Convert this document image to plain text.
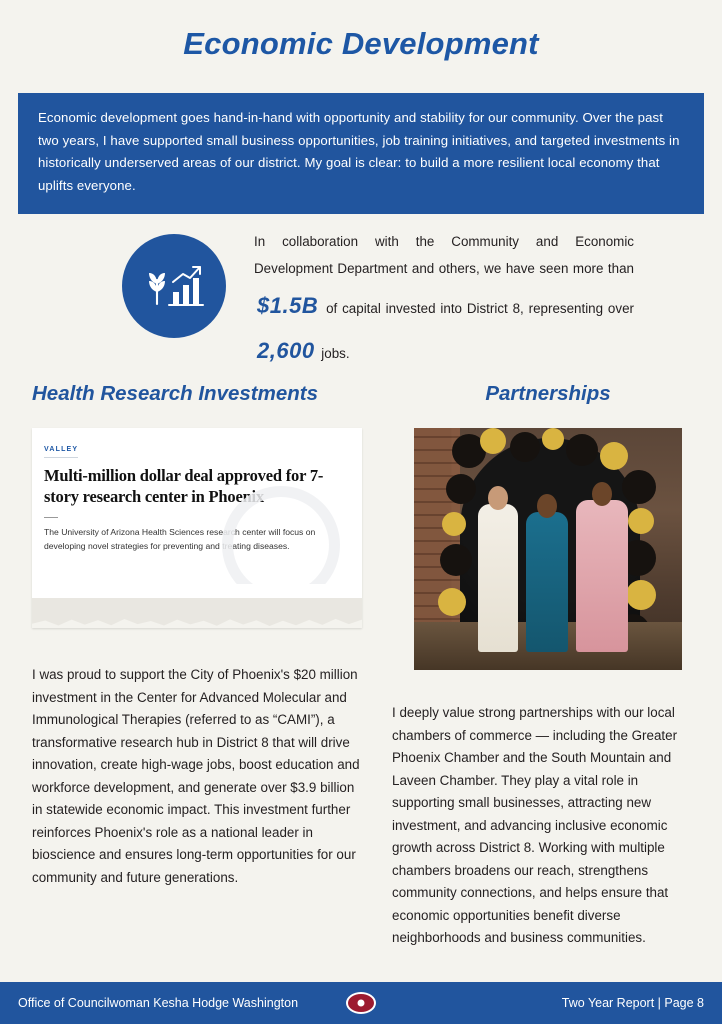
Economic Development

Economic development goes hand-in-hand with opportunity and stability for our community. Over the past two years, I have supported small business opportunities, job training initiatives, and targeted investments in historically underserved areas of our district. My goal is clear: to build a more resilient local economy that uplifts everyone.

In collaboration with the Community and Economic Development Department and others, we have seen more than $1.5B of capital invested into District 8, representing over 2,600 jobs.
Health Research Investments
VALLEY
Multi-million dollar deal approved for 7-story research center in Phoenix

The University of Arizona Health Sciences research center will focus on developing novel strategies for preventing and treating diseases.

I was proud to support the City of Phoenix's $20 million investment in the Center for Advanced Molecular and Immunological Therapies (referred to as “CAMI”), a transformative research hub in District 8 that will drive innovation, create high-wage jobs, boost education and workforce development, and generate over $3.9 billion in statewide economic impact. This investment further reinforces Phoenix's role as a national leader in bioscience and ensures long-term opportunities for our community and future generations.

Partnerships

I deeply value strong partnerships with our local chambers of commerce — including the Greater Phoenix Chamber and the South Mountain and Laveen Chamber. They play a vital role in supporting small businesses, attracting new investment, and advancing inclusive economic growth across District 8. Working with multiple chambers broadens our reach, strengthens community connections, and helps ensure that economic opportunities benefit diverse neighborhoods and business communities.

Office of Councilwoman Kesha Hodge Washington	Two Year Report | Page 8
